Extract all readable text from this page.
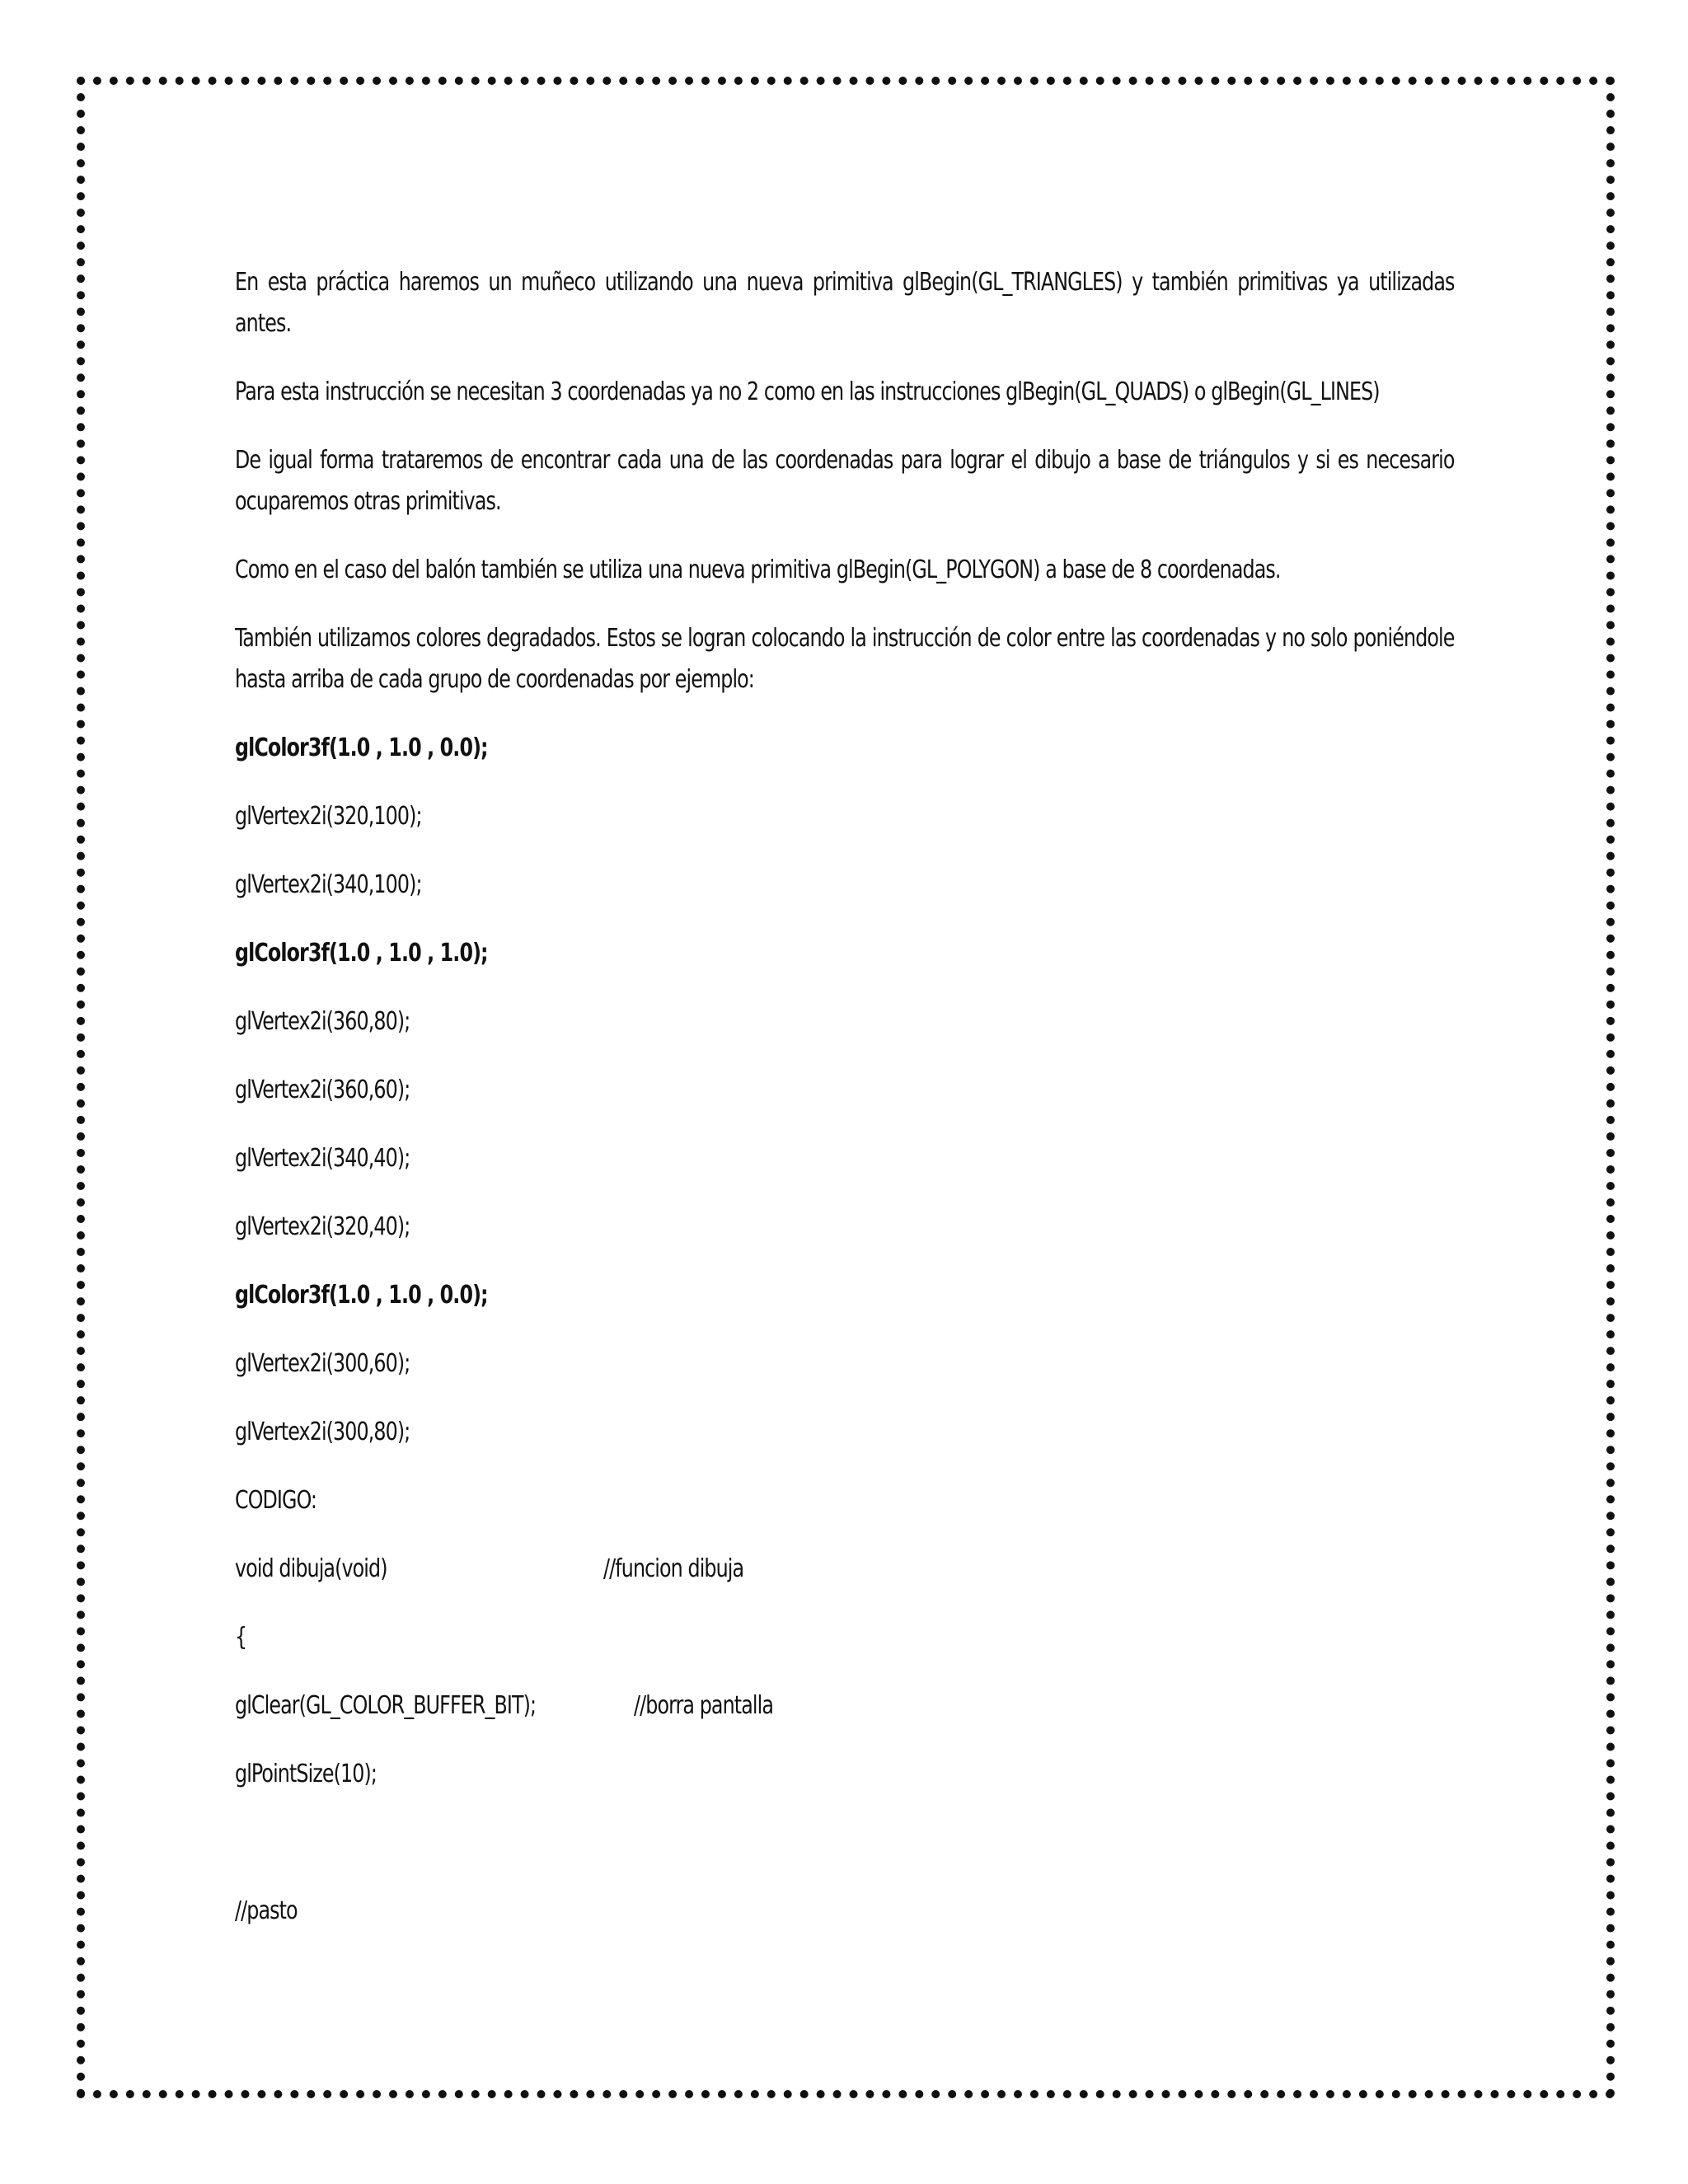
En esta práctica haremos un muñeco utilizando una nueva primitiva glBegin(GL_TRIANGLES) y también primitivas ya utilizadas antes.

Para esta instrucción se necesitan 3 coordenadas ya no 2 como en las instrucciones glBegin(GL_QUADS) o glBegin(GL_LINES)

De igual forma trataremos de encontrar cada una de las coordenadas para lograr el dibujo a base de triángulos y si es necesario ocuparemos otras primitivas.

Como en el caso del balón también se utiliza una nueva primitiva glBegin(GL_POLYGON) a base de 8 coordenadas.

También utilizamos colores degradados. Estos se logran colocando la instrucción de color entre las coordenadas y no solo poniéndole hasta arriba de cada grupo de coordenadas por ejemplo:

glColor3f(1.0 , 1.0 , 0.0);
glVertex2i(320,100);
glVertex2i(340,100);
glColor3f(1.0 , 1.0 , 1.0);
glVertex2i(360,80);
glVertex2i(360,60);
glVertex2i(340,40);
glVertex2i(320,40);
glColor3f(1.0 , 1.0 , 0.0);
glVertex2i(300,60);
glVertex2i(300,80);
CODIGO:
void dibuja(void)	//funcion dibuja
{
glClear(GL_COLOR_BUFFER_BIT);	//borra pantalla
glPointSize(10);
//pasto
